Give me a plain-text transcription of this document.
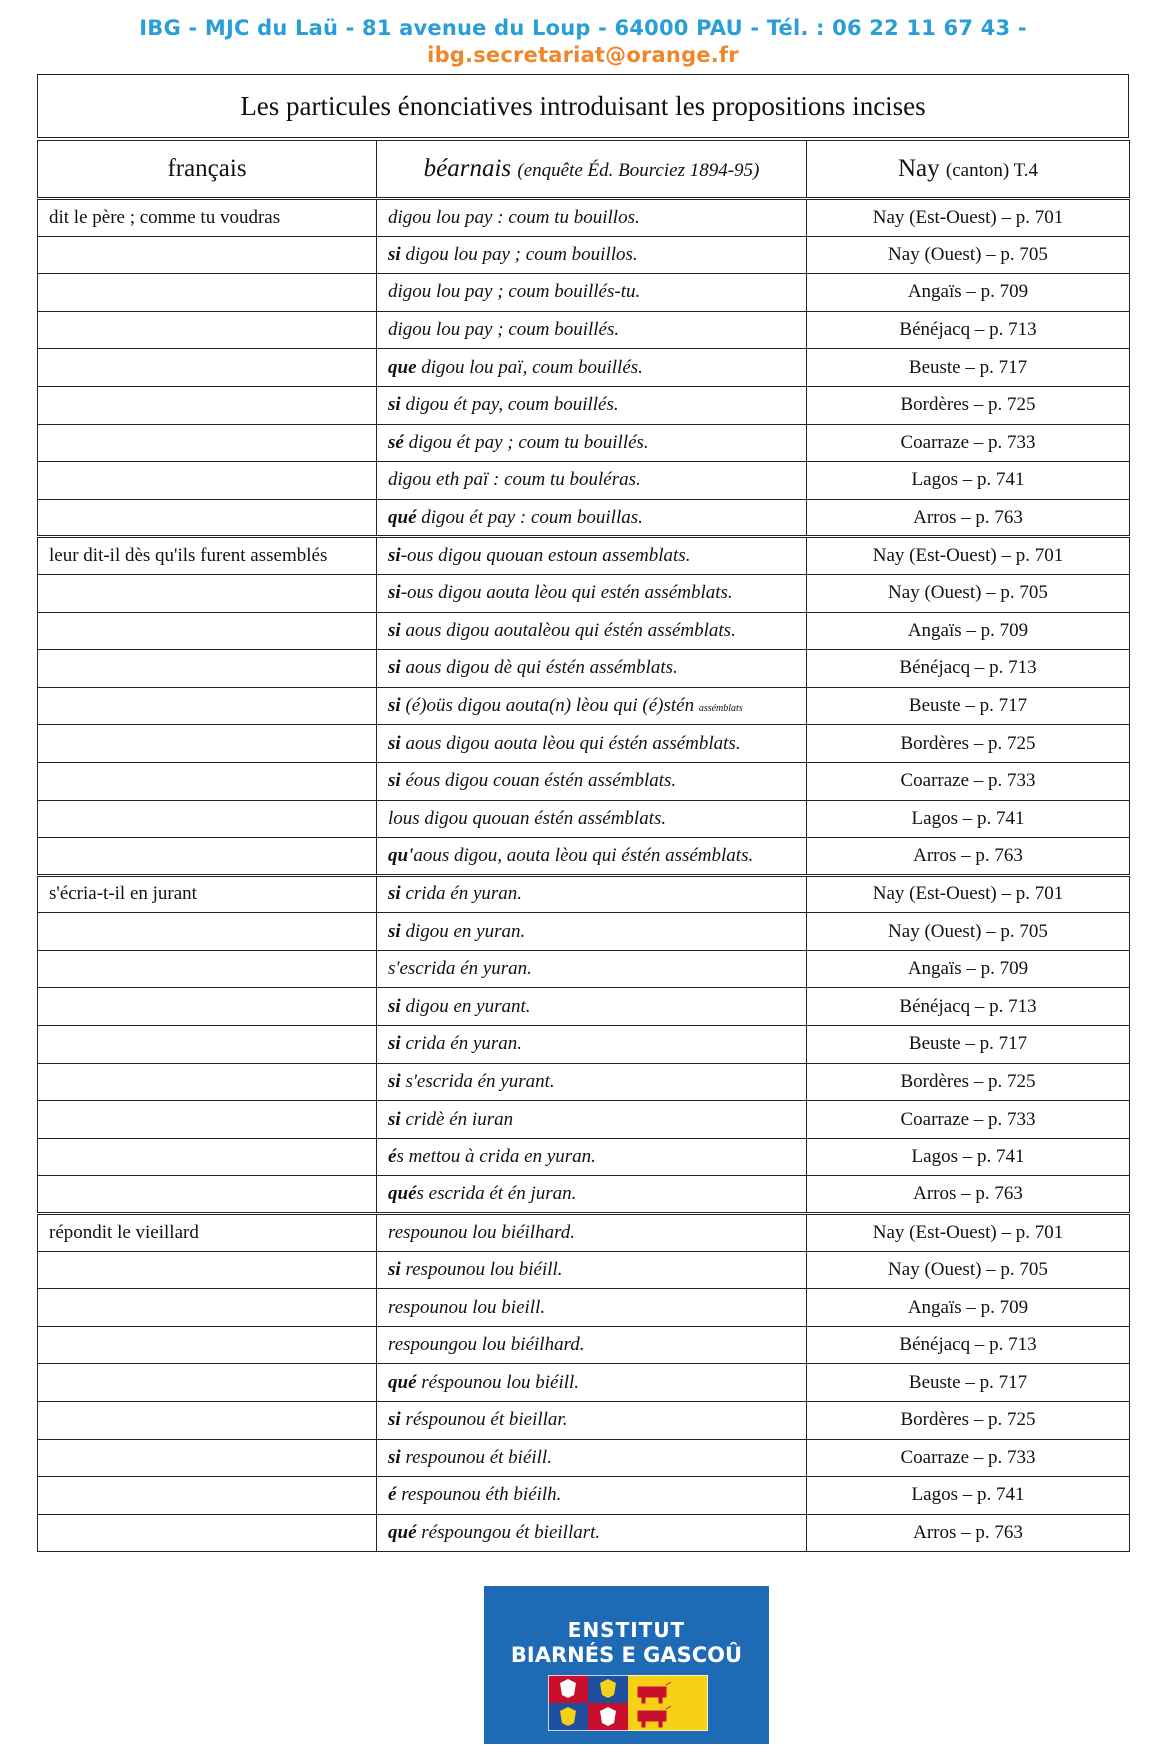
IBG - MJC du Laü - 81 avenue du Loup - 64000 PAU - Tél. : 06 22 11 67 43 -
ibg.secretariat@orange.fr
Les particules énonciatives introduisant les propositions incises
français	béarnais (enquête Éd. Bourciez 1894-95)	Nay (canton) T.4
dit le père ; comme tu voudras	digou lou pay : coum tu bouillos.	Nay (Est-Ouest) – p. 701
	si digou lou pay ; coum bouillos.	Nay (Ouest) – p. 705
	digou lou pay ; coum bouillés-tu.	Angaïs – p. 709
	digou lou pay ; coum bouillés.	Bénéjacq – p. 713
	que digou lou paï, coum bouillés.	Beuste – p. 717
	si digou ét pay, coum bouillés.	Bordères – p. 725
	sé digou ét pay ; coum tu bouillés.	Coarraze – p. 733
	digou eth paï : coum tu bouléras.	Lagos – p. 741
	qué digou ét pay : coum bouillas.	Arros – p. 763
leur dit-il dès qu'ils furent assemblés	si-ous digou quouan estoun assemblats.	Nay (Est-Ouest) – p. 701
	si-ous digou aouta lèou qui estén assémblats.	Nay (Ouest) – p. 705
	si aous digou aoutalèou qui éstén assémblats.	Angaïs – p. 709
	si aous digou dè qui éstén assémblats.	Bénéjacq – p. 713
	si (é)oüs digou aouta(n) lèou qui (é)stén assémblats	Beuste – p. 717
	si aous digou aouta lèou qui éstén assémblats.	Bordères – p. 725
	si éous digou couan éstén assémblats.	Coarraze – p. 733
	lous digou quouan éstén assémblats.	Lagos – p. 741
	qu'aous digou, aouta lèou qui éstén assémblats.	Arros – p. 763
s'écria-t-il en jurant	si crida én yuran.	Nay (Est-Ouest) – p. 701
	si digou en yuran.	Nay (Ouest) – p. 705
	s'escrida én yuran.	Angaïs – p. 709
	si digou en yurant.	Bénéjacq – p. 713
	si crida én yuran.	Beuste – p. 717
	si s'escrida én yurant.	Bordères – p. 725
	si cridè én iuran	Coarraze – p. 733
	és mettou à crida en yuran.	Lagos – p. 741
	qués escrida ét én juran.	Arros – p. 763
répondit le vieillard	respounou lou biéilhard.	Nay (Est-Ouest) – p. 701
	si respounou lou biéill.	Nay (Ouest) – p. 705
	respounou lou bieill.	Angaïs – p. 709
	respoungou lou biéilhard.	Bénéjacq – p. 713
	qué réspounou lou biéill.	Beuste – p. 717
	si réspounou ét bieillar.	Bordères – p. 725
	si respounou ét biéill.	Coarraze – p. 733
	é respounou éth biéilh.	Lagos – p. 741
	qué réspoungou ét bieillart.	Arros – p. 763
ENSTITUT
BIARNÉS E GASCOÛ
